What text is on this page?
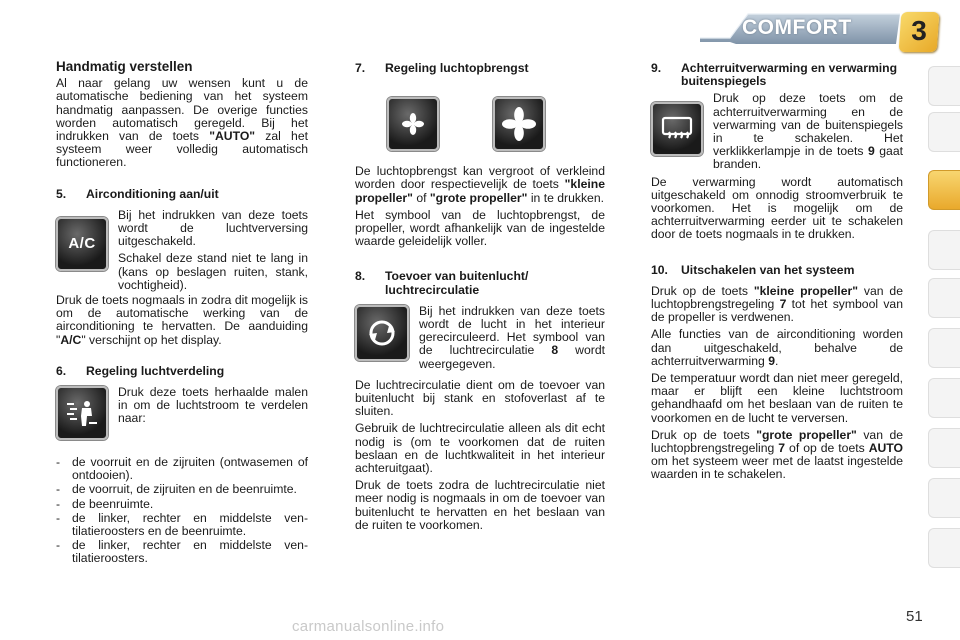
COMFORT	3
Handmatig verstellen

Al naar gelang uw wensen kunt u de automatische bediening van het systeem handmatig aanpassen. De overige functies worden automatisch geregeld. Bij het indrukken van de toets "AUTO" zal het systeem weer volledig automatisch functioneren.

5.	Airconditioning aan/uit
A/C

Bij het indrukken van deze toets wordt de luchtverversing uitgeschakeld.

Schakel deze stand niet te lang in (kans op beslagen ruiten, stank, vochtigheid).

Druk de toets nogmaals in zodra dit mogelijk is om de automatische werking van de airconditioning te hervatten. De aanduiding "A/C" verschijnt op het display.

6.	Regeling luchtverdeling

Druk deze toets herhaalde malen in om de luchtstroom te verdelen naar:

- de voorruit en de zijruiten (ontwasemen of ontdooien).
- de voorruit, de zijruiten en de beenruimte.
- de beenruimte.
- de linker, rechter en middelste ventilatieroosters en de beenruimte.
- de linker, rechter en middelste ventilatieroosters.
7.	Regeling luchtopbrengst

De luchtopbrengst kan vergroot of verkleind worden door respectievelijk de toets "kleine propeller" of "grote propeller" in te drukken.

Het symbool van de luchtopbrengst, de propeller, wordt afhankelijk van de ingestelde waarde geleidelijk voller.

8.	Toevoer van buitenlucht/ luchtrecirculatie

Bij het indrukken van deze toets wordt de lucht in het interieur gerecirculeerd. Het symbool van de luchtrecirculatie 8 wordt weergegeven.

De luchtrecirculatie dient om de toevoer van buitenlucht bij stank en stofoverlast af te sluiten.

Gebruik de luchtrecirculatie alleen als dit echt nodig is (om te voorkomen dat de ruiten beslaan en de luchtkwaliteit in het interieur achteruitgaat).

Druk de toets zodra de luchtrecirculatie niet meer nodig is nogmaals in om de toevoer van buitenlucht te hervatten en het beslaan van de ruiten te voorkomen.

9.	Achterruitverwarming en verwarming buitenspiegels

Druk op deze toets om de achterruitverwarming en de verwarming van de buitenspiegels in te schakelen. Het verklikkerlampje in de toets 9 gaat branden.

De verwarming wordt automatisch uitgeschakeld om onnodig stroomverbruik te voorkomen. Het is mogelijk om de achterruitverwarming eerder uit te schakelen door de toets nogmaals in te drukken.

10.	Uitschakelen van het systeem

Druk op de toets "kleine propeller" van de luchtopbrengstregeling 7 tot het symbool van de propeller is verdwenen.

Alle functies van de airconditioning worden dan uitgeschakeld, behalve de achterruitverwarming 9.

De temperatuur wordt dan niet meer geregeld, maar er blijft een kleine luchtstroom gehandhaafd om het beslaan van de ruiten te voorkomen en de lucht te verversen.

Druk op de toets "grote propeller" van de luchtopbrengstregeling 7 of op de toets AUTO om het systeem weer met de laatst ingestelde waarden in te schakelen.

carmanualsonline.info
51
